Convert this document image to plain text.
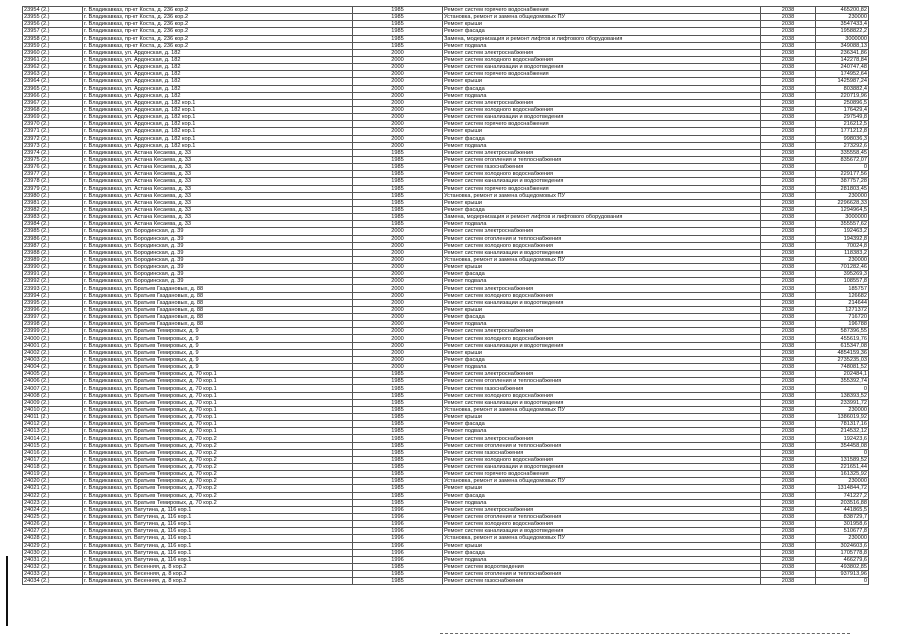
23954 (2.)	г. Владикавказ, пр-кт Коста, д. 236 кор.2	1985	Ремонт систем горячего водоснабжения	2038	465200,82
23955 (2.)	г. Владикавказ, пр-кт Коста, д. 236 кор.2	1985	Установка, ремонт и замена общедомовых ПУ	2038	230000
23956 (2.)	г. Владикавказ, пр-кт Коста, д. 236 кор.2	1985	Ремонт крыши	2038	3547433,4
23957 (2.)	г. Владикавказ, пр-кт Коста, д. 236 кор.2	1985	Ремонт фасада	2038	1958822,2
23958 (2.)	г. Владикавказ, пр-кт Коста, д. 236 кор.2	1985	Замена, модернизация и ремонт лифтов и лифтового оборудования	2038	3000000
23959 (2.)	г. Владикавказ, пр-кт Коста, д. 236 кор.2	1985	Ремонт подвала	2038	349088,13
23960 (2.)	г. Владикавказ, ул. Ардонская, д. 182	2000	Ремонт систем электроснабжения	2038	236341,86
23961 (2.)	г. Владикавказ, ул. Ардонская, д. 182	2000	Ремонт систем холодного водоснабжения	2038	142278,84
23962 (2.)	г. Владикавказ, ул. Ардонская, д. 182	2000	Ремонт систем канализации и водоотведения	2038	240747,48
23963 (2.)	г. Владикавказ, ул. Ардонская, д. 182	2000	Ремонт систем горячего водоснабжения	2038	174952,64
23964 (2.)	г. Владикавказ, ул. Ардонская, д. 182	2000	Ремонт крыши	2038	1425987,24
23965 (2.)	г. Владикавказ, ул. Ардонская, д. 182	2000	Ремонт фасада	2038	803882,4
23966 (2.)	г. Владикавказ, ул. Ардонская, д. 182	2000	Ремонт подвала	2038	220719,96
23967 (2.)	г. Владикавказ, ул. Ардонская, д. 182 кор.1	2000	Ремонт систем электроснабжения	2038	250896,5
23968 (2.)	г. Владикавказ, ул. Ардонская, д. 182 кор.1	2000	Ремонт систем холодного водоснабжения	2038	176429,4
23969 (2.)	г. Владикавказ, ул. Ардонская, д. 182 кор.1	2000	Ремонт систем канализации и водоотведения	2038	297549,8
23970 (2.)	г. Владикавказ, ул. Ардонская, д. 182 кор.1	2000	Ремонт систем горячего водоснабжения	2038	216212,5
23971 (2.)	г. Владикавказ, ул. Ардонская, д. 182 кор.1	2000	Ремонт крыши	2038	1771212,8
23972 (2.)	г. Владикавказ, ул. Ардонская, д. 182 кор.1	2000	Ремонт фасада	2038	998036,3
23973 (2.)	г. Владикавказ, ул. Ардонская, д. 182 кор.1	2000	Ремонт подвала	2038	273292,6
23974 (2.)	г. Владикавказ, ул. Астана Кесаева, д. 33	1985	Ремонт систем электроснабжения	2038	335558,45
23975 (2.)	г. Владикавказ, ул. Астана Кесаева, д. 33	1985	Ремонт систем отопления и теплоснабжения	2038	835672,07
23976 (2.)	г. Владикавказ, ул. Астана Кесаева, д. 33	1985	Ремонт систем газоснабжения	2038	0
23977 (2.)	г. Владикавказ, ул. Астана Кесаева, д. 33	1985	Ремонт систем холодного водоснабжения	2038	229177,56
23978 (2.)	г. Владикавказ, ул. Астана Кесаева, д. 33	1985	Ремонт систем канализации и водоотведения	2038	387757,28
23979 (2.)	г. Владикавказ, ул. Астана Кесаева, д. 33	1985	Ремонт систем горячего водоснабжения	2038	281803,45
23980 (2.)	г. Владикавказ, ул. Астана Кесаева, д. 33	1985	Установка, ремонт и замена общедомовых ПУ	2038	230000
23981 (2.)	г. Владикавказ, ул. Астана Кесаева, д. 33	1985	Ремонт крыши	2038	2296628,33
23982 (2.)	г. Владикавказ, ул. Астана Кесаева, д. 33	1985	Ремонт фасада	2038	1294964,5
23983 (2.)	г. Владикавказ, ул. Астана Кесаева, д. 33	1985	Замена, модернизация и ремонт лифтов и лифтового оборудования	2038	3000000
23984 (2.)	г. Владикавказ, ул. Астана Кесаева, д. 33	1985	Ремонт подвала	2038	355557,62
23985 (2.)	г. Владикавказ, ул. Бородинская, д. 39	2000	Ремонт систем электроснабжения	2038	192463,2
23986 (2.)	г. Владикавказ, ул. Бородинская, д. 39	2000	Ремонт систем отопления и теплоснабжения	2038	194392,8
23987 (2.)	г. Владикавказ, ул. Бородинская, д. 39	2000	Ремонт систем холодного водоснабжения	2038	70024,8
23988 (2.)	г. Владикавказ, ул. Бородинская, д. 39	2000	Ремонт систем канализации и водоотведения	2038	118383,2
23989 (2.)	г. Владикавказ, ул. Бородинская, д. 39	2000	Установка, ремонт и замена общедомовых ПУ	2038	230000
23990 (2.)	г. Владикавказ, ул. Бородинская, д. 39	2000	Ремонт крыши	2038	701282,46
23991 (2.)	г. Владикавказ, ул. Бородинская, д. 39	2000	Ремонт фасада	2038	395269,3
23992 (2.)	г. Владикавказ, ул. Бородинская, д. 39	2000	Ремонт подвала	2038	108557,8
23993 (2.)	г. Владикавказ, ул. Братьев Газдановых, д. 88	2000	Ремонт систем электроснабжения	2038	185757
23994 (2.)	г. Владикавказ, ул. Братьев Газдановых, д. 88	2000	Ремонт систем холодного водоснабжения	2038	126682
23995 (2.)	г. Владикавказ, ул. Братьев Газдановых, д. 88	2000	Ремонт систем канализации и водоотведения	2038	214644
23996 (2.)	г. Владикавказ, ул. Братьев Газдановых, д. 88	2000	Ремонт крыши	2038	1271372
23997 (2.)	г. Владикавказ, ул. Братьев Газдановых, д. 88	2000	Ремонт фасада	2038	716720
23998 (2.)	г. Владикавказ, ул. Братьев Газдановых, д. 88	2000	Ремонт подвала	2038	196788
23999 (2.)	г. Владикавказ, ул. Братьев Темировых, д. 9	2000	Ремонт систем электроснабжения	2038	587396,55
24000 (2.)	г. Владикавказ, ул. Братьев Темировых, д. 9	2000	Ремонт систем холодного водоснабжения	2038	455619,76
24001 (2.)	г. Владикавказ, ул. Братьев Темировых, д. 9	2000	Ремонт систем канализации и водоотведения	2038	615347,08
24002 (2.)	г. Владикавказ, ул. Братьев Темировых, д. 9	2000	Ремонт крыши	2038	4854159,36
24003 (2.)	г. Владикавказ, ул. Братьев Темировых, д. 9	2000	Ремонт фасада	2038	2735235,03
24004 (2.)	г. Владикавказ, ул. Братьев Темировых, д. 9	2000	Ремонт подвала	2038	748081,52
24005 (2.)	г. Владикавказ, ул. Братьев Темировых, д. 70 кор.1	1985	Ремонт систем электроснабжения	2038	202484,1
24006 (2.)	г. Владикавказ, ул. Братьев Темировых, д. 70 кор.1	1985	Ремонт систем отопления и теплоснабжения	2038	355392,74
24007 (2.)	г. Владикавказ, ул. Братьев Темировых, д. 70 кор.1	1985	Ремонт систем газоснабжения	2038	0
24008 (2.)	г. Владикавказ, ул. Братьев Темировых, д. 70 кор.1	1985	Ремонт систем холодного водоснабжения	2038	138393,52
24009 (2.)	г. Владикавказ, ул. Братьев Темировых, д. 70 кор.1	1985	Ремонт систем канализации и водоотведения	2038	233991,72
24010 (2.)	г. Владикавказ, ул. Братьев Темировых, д. 70 кор.1	1985	Установка, ремонт и замена общедомовых ПУ	2038	230000
24011 (2.)	г. Владикавказ, ул. Братьев Темировых, д. 70 кор.1	1985	Ремонт крыши	2038	1386019,92
24012 (2.)	г. Владикавказ, ул. Братьев Темировых, д. 70 кор.1	1985	Ремонт фасада	2038	781317,16
24013 (2.)	г. Владикавказ, ул. Братьев Темировых, д. 70 кор.1	1985	Ремонт подвала	2038	214532,12
24014 (2.)	г. Владикавказ, ул. Братьев Темировых, д. 70 кор.2	1985	Ремонт систем электроснабжения	2038	192423,6
24015 (2.)	г. Владикавказ, ул. Братьев Темировых, д. 70 кор.2	1985	Ремонт систем отопления и теплоснабжения	2038	354458,08
24016 (2.)	г. Владикавказ, ул. Братьев Темировых, д. 70 кор.2	1985	Ремонт систем газоснабжения	2038	0
24017 (2.)	г. Владикавказ, ул. Братьев Темировых, д. 70 кор.2	1985	Ремонт систем холодного водоснабжения	2038	131589,52
24018 (2.)	г. Владикавказ, ул. Братьев Темировых, д. 70 кор.2	1985	Ремонт систем канализации и водоотведения	2038	221651,44
24019 (2.)	г. Владикавказ, ул. Братьев Темировых, д. 70 кор.2	1985	Ремонт систем горячего водоснабжения	2038	161325,92
24020 (2.)	г. Владикавказ, ул. Братьев Темировых, д. 70 кор.2	1985	Установка, ремонт и замена общедомовых ПУ	2038	230000
24021 (2.)	г. Владикавказ, ул. Братьев Темировых, д. 70 кор.2	1985	Ремонт крыши	2038	1314844,72
24022 (2.)	г. Владикавказ, ул. Братьев Темировых, д. 70 кор.2	1985	Ремонт фасада	2038	741227,2
24023 (2.)	г. Владикавказ, ул. Братьев Темировых, д. 70 кор.2	1985	Ремонт подвала	2038	203516,88
24024 (2.)	г. Владикавказ, ул. Ватутина, д. 116 кор.1	1996	Ремонт систем электроснабжения	2038	441865,5
24025 (2.)	г. Владикавказ, ул. Ватутина, д. 116 кор.1	1996	Ремонт систем отопления и теплоснабжения	2038	838729,7
24026 (2.)	г. Владикавказ, ул. Ватутина, д. 116 кор.1	1996	Ремонт систем холодного водоснабжения	2038	301958,6
24027 (2.)	г. Владикавказ, ул. Ватутина, д. 116 кор.1	1996	Ремонт систем канализации и водоотведения	2038	510677,8
24028 (2.)	г. Владикавказ, ул. Ватутина, д. 116 кор.1	1996	Установка, ремонт и замена общедомовых ПУ	2038	230000
24029 (2.)	г. Владикавказ, ул. Ватутина, д. 116 кор.1	1996	Ремонт крыши	2038	3024603,6
24030 (2.)	г. Владикавказ, ул. Ватутина, д. 116 кор.1	1996	Ремонт фасада	2038	1705778,8
24031 (2.)	г. Владикавказ, ул. Ватутина, д. 116 кор.1	1996	Ремонт подвала	2038	466279,6
24032 (2.)	г. Владикавказ, ул. Весенняя, д. 8 кор.2	1985	Ремонт систем водоотведения	2038	493802,85
24033 (2.)	г. Владикавказ, ул. Весенняя, д. 8 кор.2	1985	Ремонт систем отопления и теплоснабжения	2038	937913,96
24034 (2.)	г. Владикавказ, ул. Весенняя, д. 8 кор.2	1985	Ремонт систем газоснабжения	2038	0
